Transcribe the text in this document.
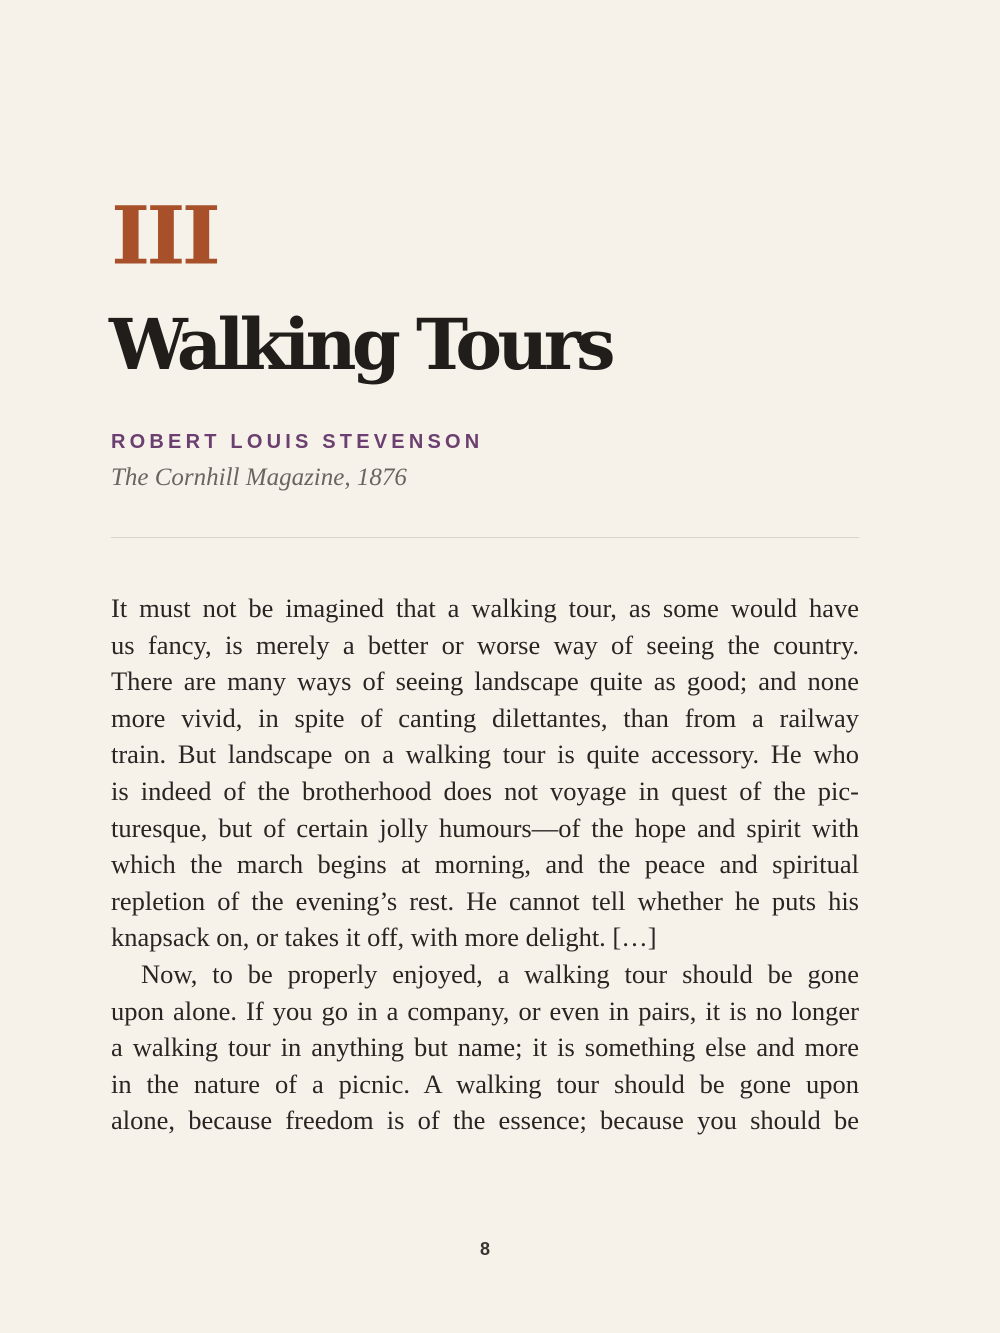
III
Walking Tours
ROBERT LOUIS STEVENSON
The Cornhill Magazine, 1876
It must not be imagined that a walking tour, as some would have
us fancy, is merely a better or worse way of seeing the country.
There are many ways of seeing landscape quite as good; and none
more vivid, in spite of canting dilettantes, than from a railway
train. But landscape on a walking tour is quite accessory. He who
is indeed of the brotherhood does not voyage in quest of the pic-
turesque, but of certain jolly humours—of the hope and spirit with
which the march begins at morning, and the peace and spiritual
repletion of the evening’s rest. He cannot tell whether he puts his
knapsack on, or takes it off, with more delight. […]
Now, to be properly enjoyed, a walking tour should be gone
upon alone. If you go in a company, or even in pairs, it is no longer
a walking tour in anything but name; it is something else and more
in the nature of a picnic. A walking tour should be gone upon
alone, because freedom is of the essence; because you should be
8
